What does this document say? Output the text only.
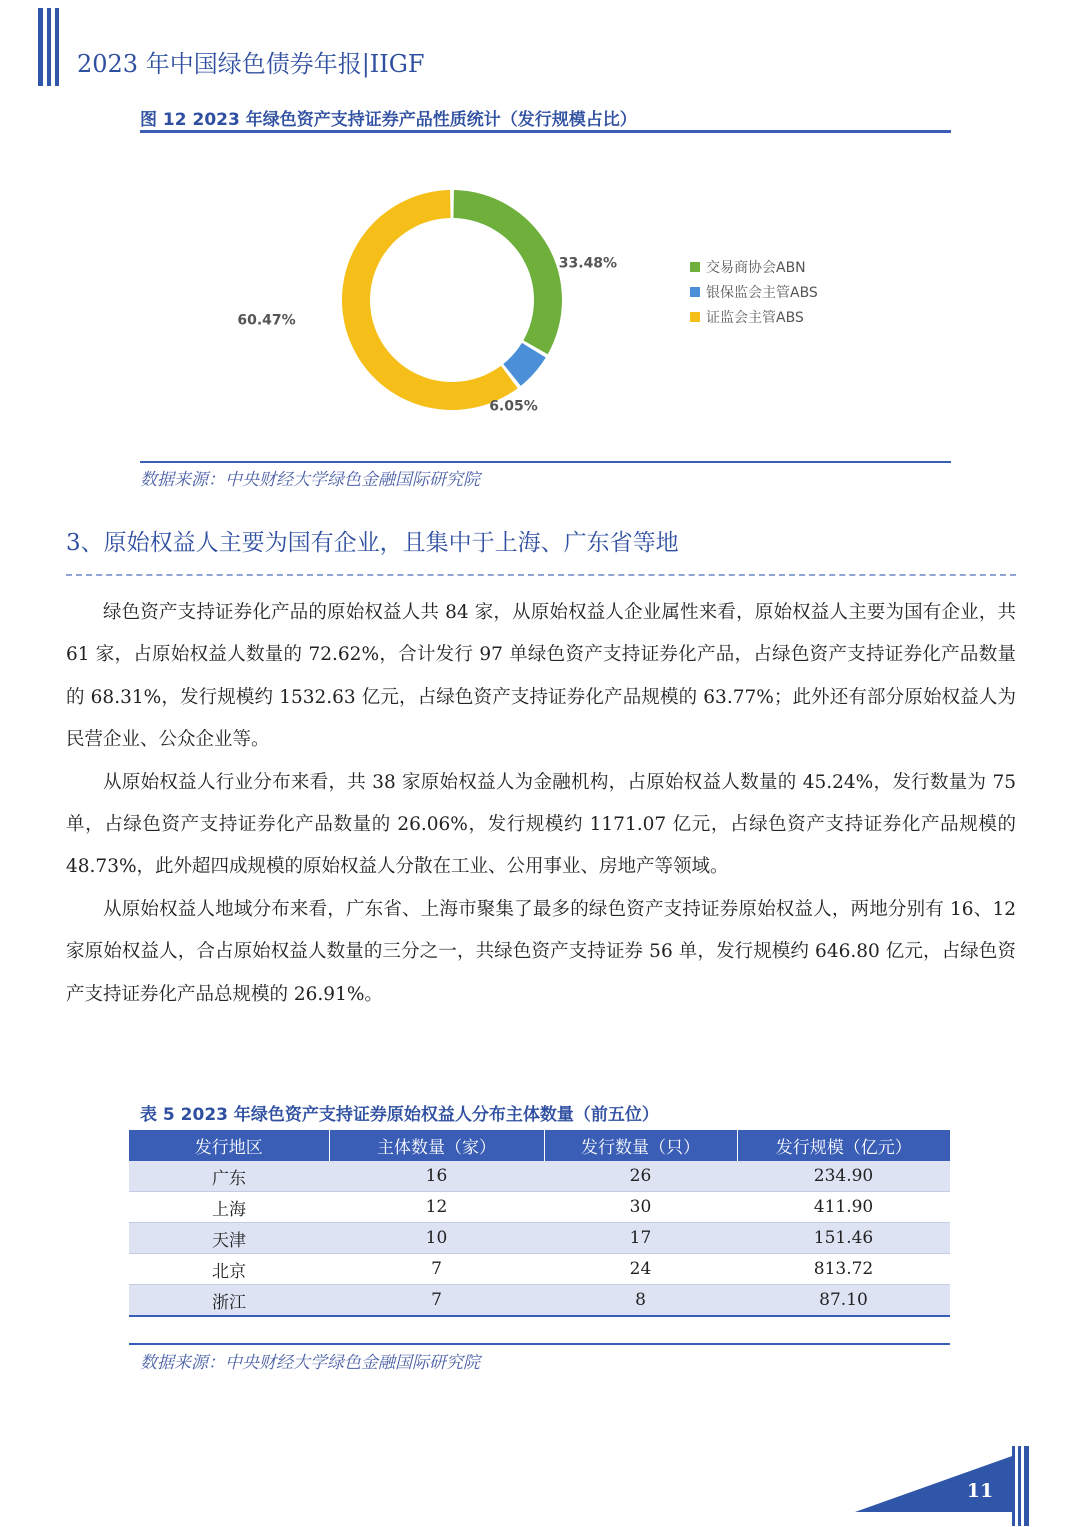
2023 年中国绿色债券年报|IIGF
图 12 2023 年绿色资产支持证券产品性质统计（发行规模占比）
33.48%
6.05%
60.47%
交易商协会ABN
银保监会主管ABS
证监会主管ABS
数据来源：中央财经大学绿色金融国际研究院
3、原始权益人主要为国有企业，且集中于上海、广东省等地

绿色资产支持证券化产品的原始权益人共 84 家，从原始权益人企业属性来看，原始权益人主要为国有企业，共 61 家，占原始权益人数量的 72.62%，合计发行 97 单绿色资产支持证券化产品，占绿色资产支持证券化产品数量的 68.31%，发行规模约 1532.63 亿元，占绿色资产支持证券化产品规模的 63.77%；此外还有部分原始权益人为民营企业、公众企业等。

从原始权益人行业分布来看，共 38 家原始权益人为金融机构，占原始权益人数量的 45.24%，发行数量为 75 单，占绿色资产支持证券化产品数量的 26.06%，发行规模约 1171.07 亿元，占绿色资产支持证券化产品规模的 48.73%，此外超四成规模的原始权益人分散在工业、公用事业、房地产等领域。

从原始权益人地域分布来看，广东省、上海市聚集了最多的绿色资产支持证券原始权益人，两地分别有 16、12 家原始权益人，合占原始权益人数量的三分之一，共绿色资产支持证券 56 单，发行规模约 646.80 亿元，占绿色资产支持证券化产品总规模的 26.91%。

表 5 2023 年绿色资产支持证券原始权益人分布主体数量（前五位）
发行地区	主体数量（家）	发行数量（只）	发行规模（亿元）
广东	16	26	234.90
上海	12	30	411.90
天津	10	17	151.46
北京	7	24	813.72
浙江	7	8	87.10
数据来源：中央财经大学绿色金融国际研究院
11
